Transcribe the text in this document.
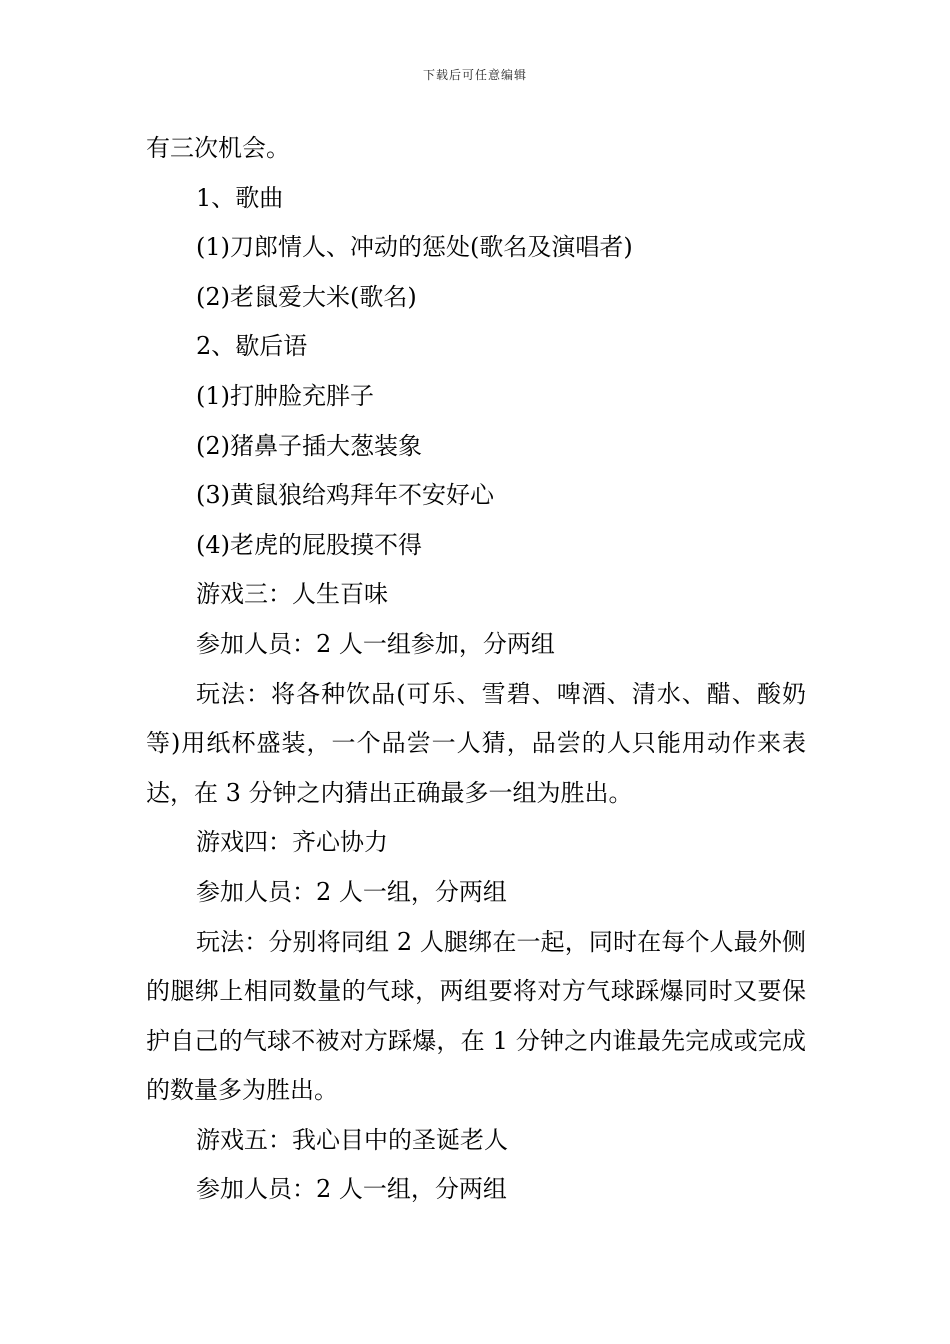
下载后可任意编辑

有三次机会。

1、歌曲

(1)刀郎情人、冲动的惩处(歌名及演唱者)

(2)老鼠爱大米(歌名)

2、歇后语

(1)打肿脸充胖子

(2)猪鼻子插大葱装象

(3)黄鼠狼给鸡拜年不安好心

(4)老虎的屁股摸不得

游戏三：人生百味

参加人员：2 人一组参加，分两组

玩法：将各种饮品(可乐、雪碧、啤酒、清水、醋、酸奶等)用纸杯盛装，一个品尝一人猜，品尝的人只能用动作来表达，在 3 分钟之内猜出正确最多一组为胜出。

游戏四：齐心协力

参加人员：2 人一组，分两组

玩法：分别将同组 2 人腿绑在一起，同时在每个人最外侧的腿绑上相同数量的气球，两组要将对方气球踩爆同时又要保护自己的气球不被对方踩爆，在 1 分钟之内谁最先完成或完成的数量多为胜出。

游戏五：我心目中的圣诞老人

参加人员：2 人一组，分两组
